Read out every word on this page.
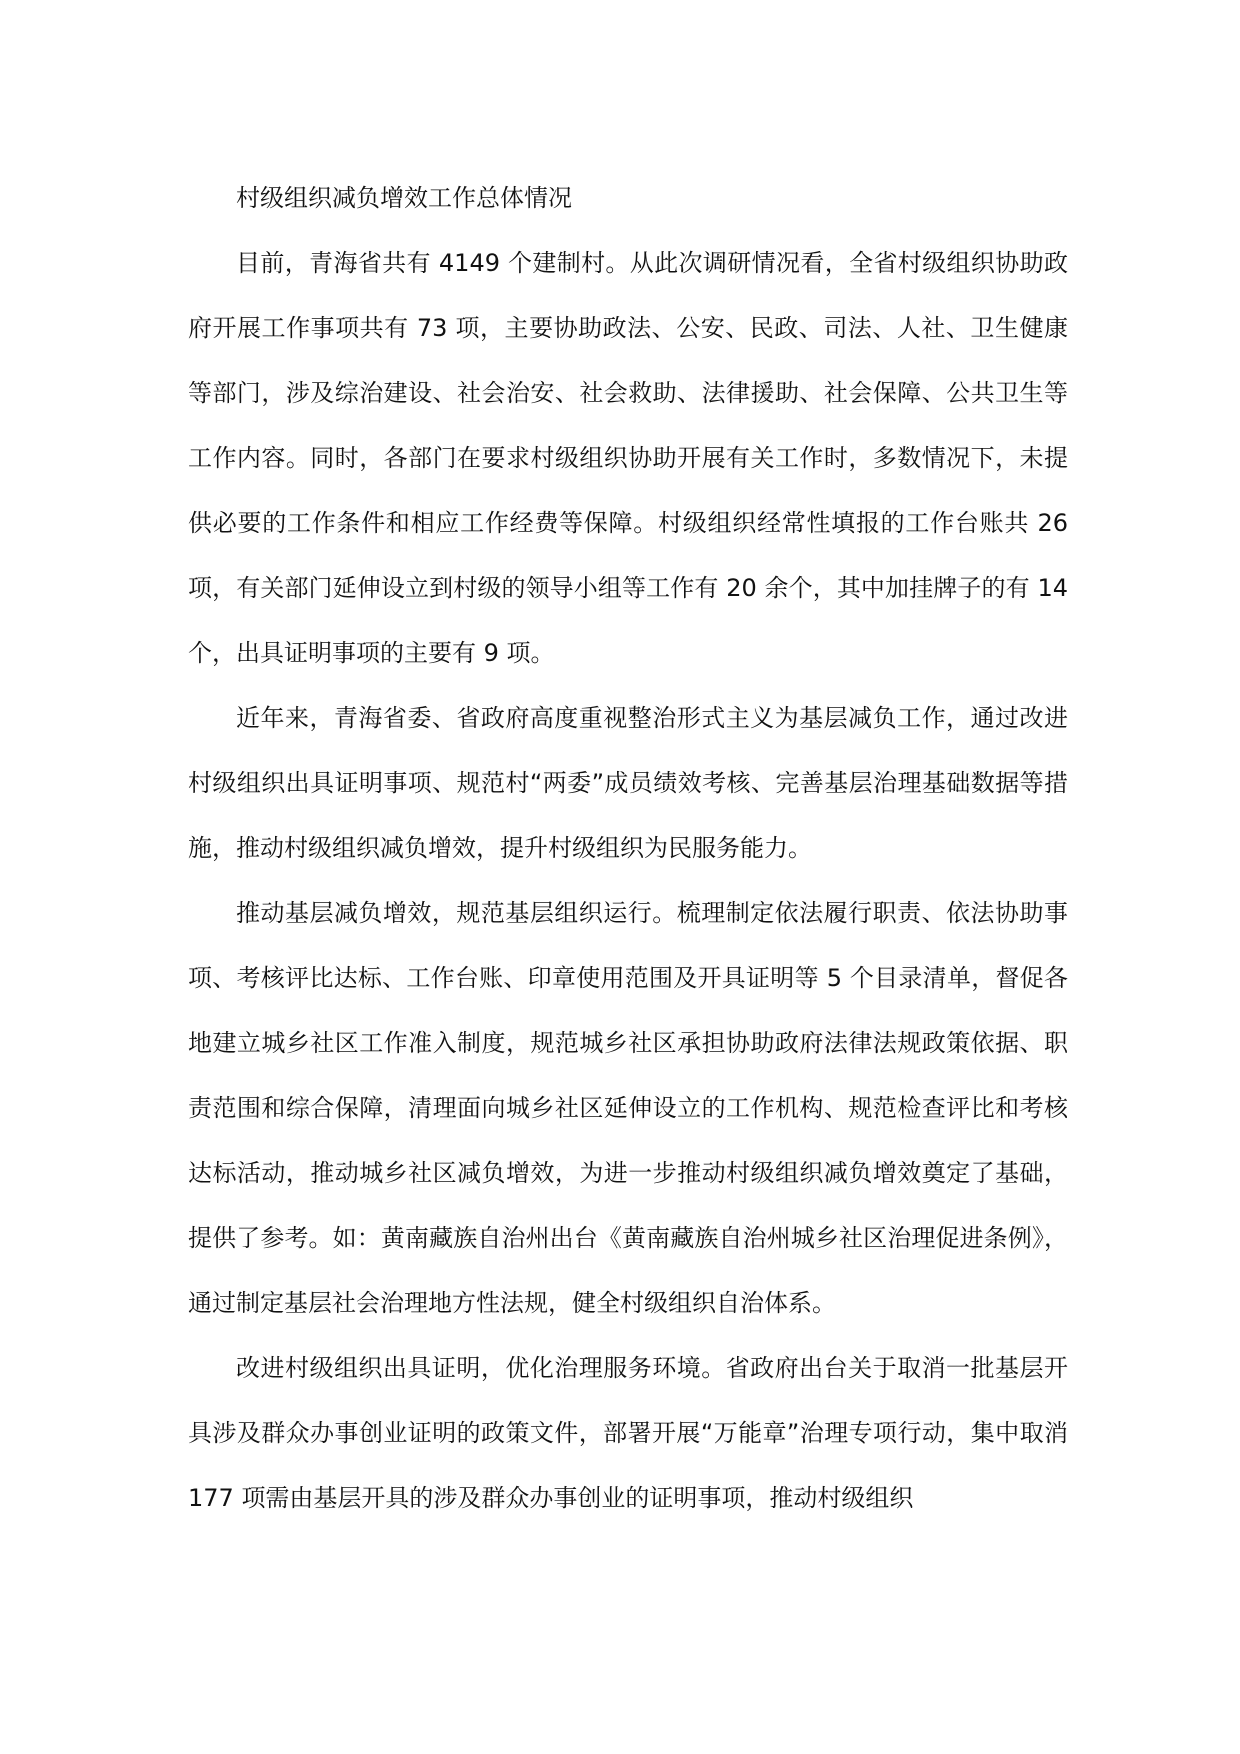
村级组织减负增效工作总体情况

目前，青海省共有 4149 个建制村。从此次调研情况看，全省村级组织协助政府开展工作事项共有 73 项，主要协助政法、公安、民政、司法、人社、卫生健康等部门，涉及综治建设、社会治安、社会救助、法律援助、社会保障、公共卫生等工作内容。同时，各部门在要求村级组织协助开展有关工作时，多数情况下，未提供必要的工作条件和相应工作经费等保障。村级组织经常性填报的工作台账共 26 项，有关部门延伸设立到村级的领导小组等工作有 20 余个，其中加挂牌子的有 14 个，出具证明事项的主要有 9 项。

近年来，青海省委、省政府高度重视整治形式主义为基层减负工作，通过改进村级组织出具证明事项、规范村“两委”成员绩效考核、完善基层治理基础数据等措施，推动村级组织减负增效，提升村级组织为民服务能力。

推动基层减负增效，规范基层组织运行。梳理制定依法履行职责、依法协助事项、考核评比达标、工作台账、印章使用范围及开具证明等 5 个目录清单，督促各地建立城乡社区工作准入制度，规范城乡社区承担协助政府法律法规政策依据、职责范围和综合保障，清理面向城乡社区延伸设立的工作机构、规范检查评比和考核达标活动，推动城乡社区减负增效，为进一步推动村级组织减负增效奠定了基础，提供了参考。如：黄南藏族自治州出台《黄南藏族自治州城乡社区治理促进条例》，通过制定基层社会治理地方性法规，健全村级组织自治体系。

改进村级组织出具证明，优化治理服务环境。省政府出台关于取消一批基层开具涉及群众办事创业证明的政策文件，部署开展“万能章”治理专项行动，集中取消 177 项需由基层开具的涉及群众办事创业的证明事项，推动村级组织
